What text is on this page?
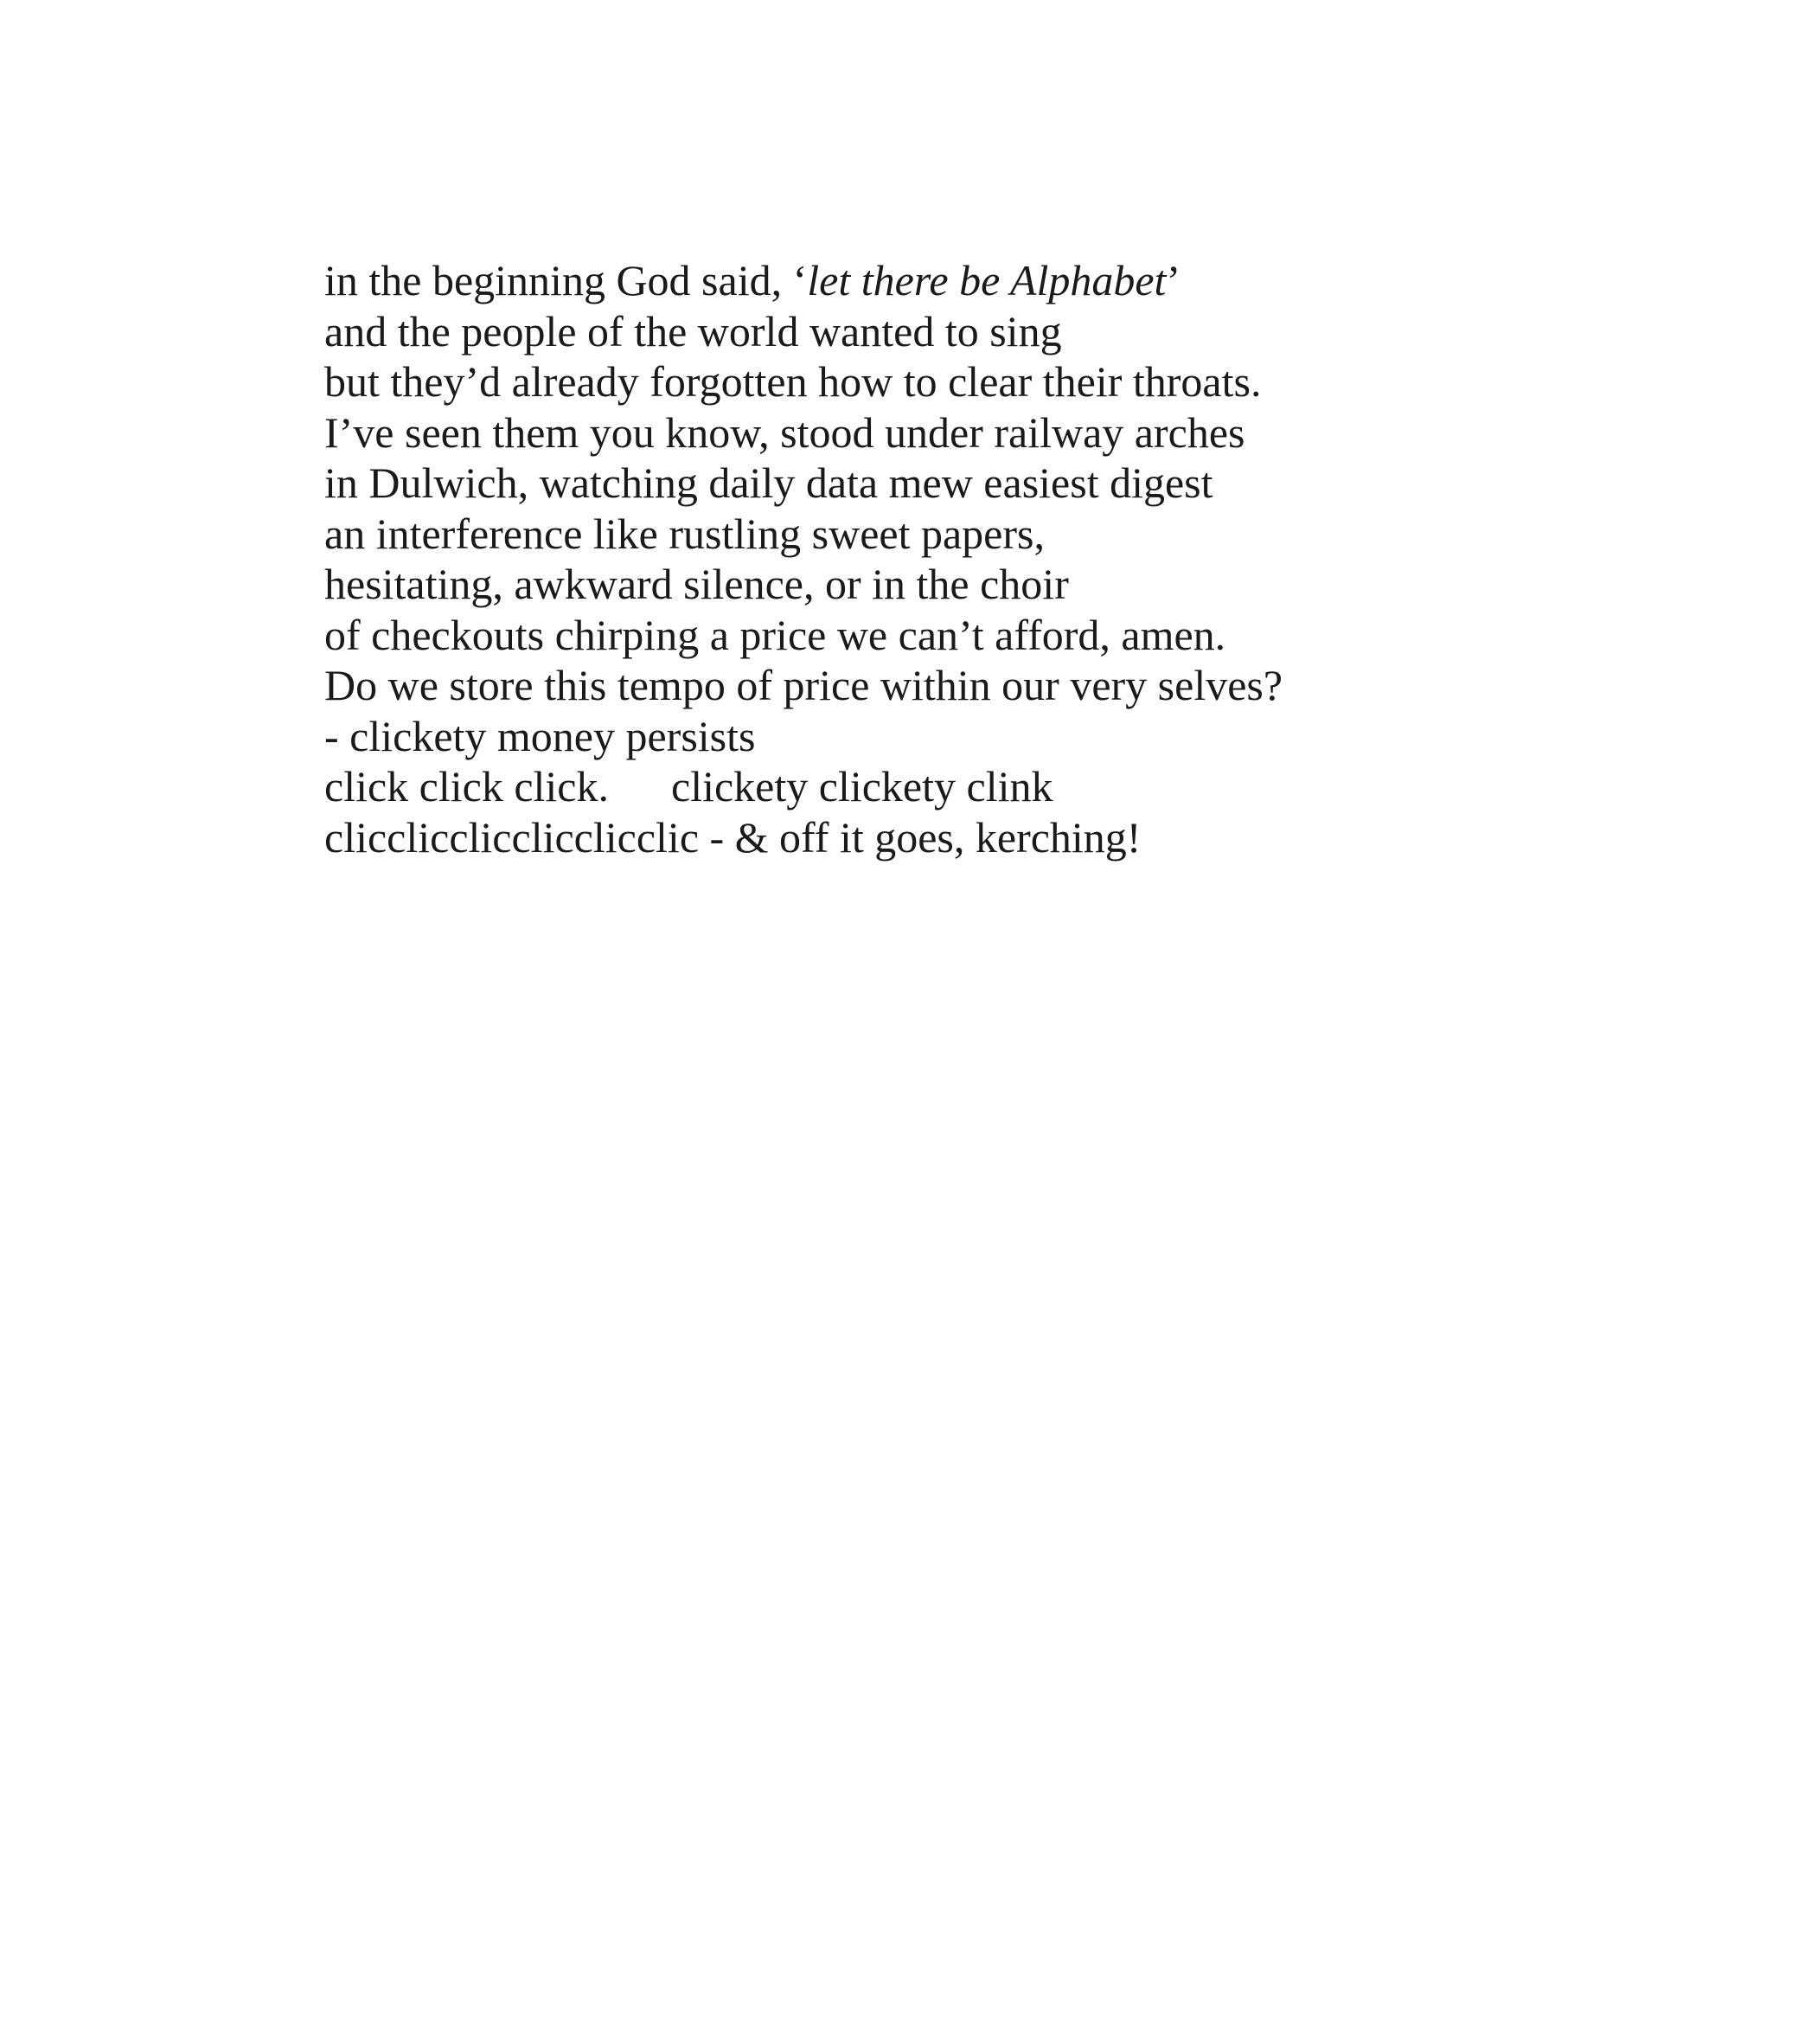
in the beginning God said, ‘let there be Alphabet’
and the people of the world wanted to sing
but they’d already forgotten how to clear their throats.
I’ve seen them you know, stood under railway arches
in Dulwich, watching daily data mew easiest digest
an interference like rustling sweet papers,
hesitating, awkward silence, or in the choir
of checkouts chirping a price we can’t afford, amen.
Do we store this tempo of price within our very selves?
- clickety money persists
click click click. clickety clickety clink
clicclicclicclicclicclic - & off it goes, kerching!
